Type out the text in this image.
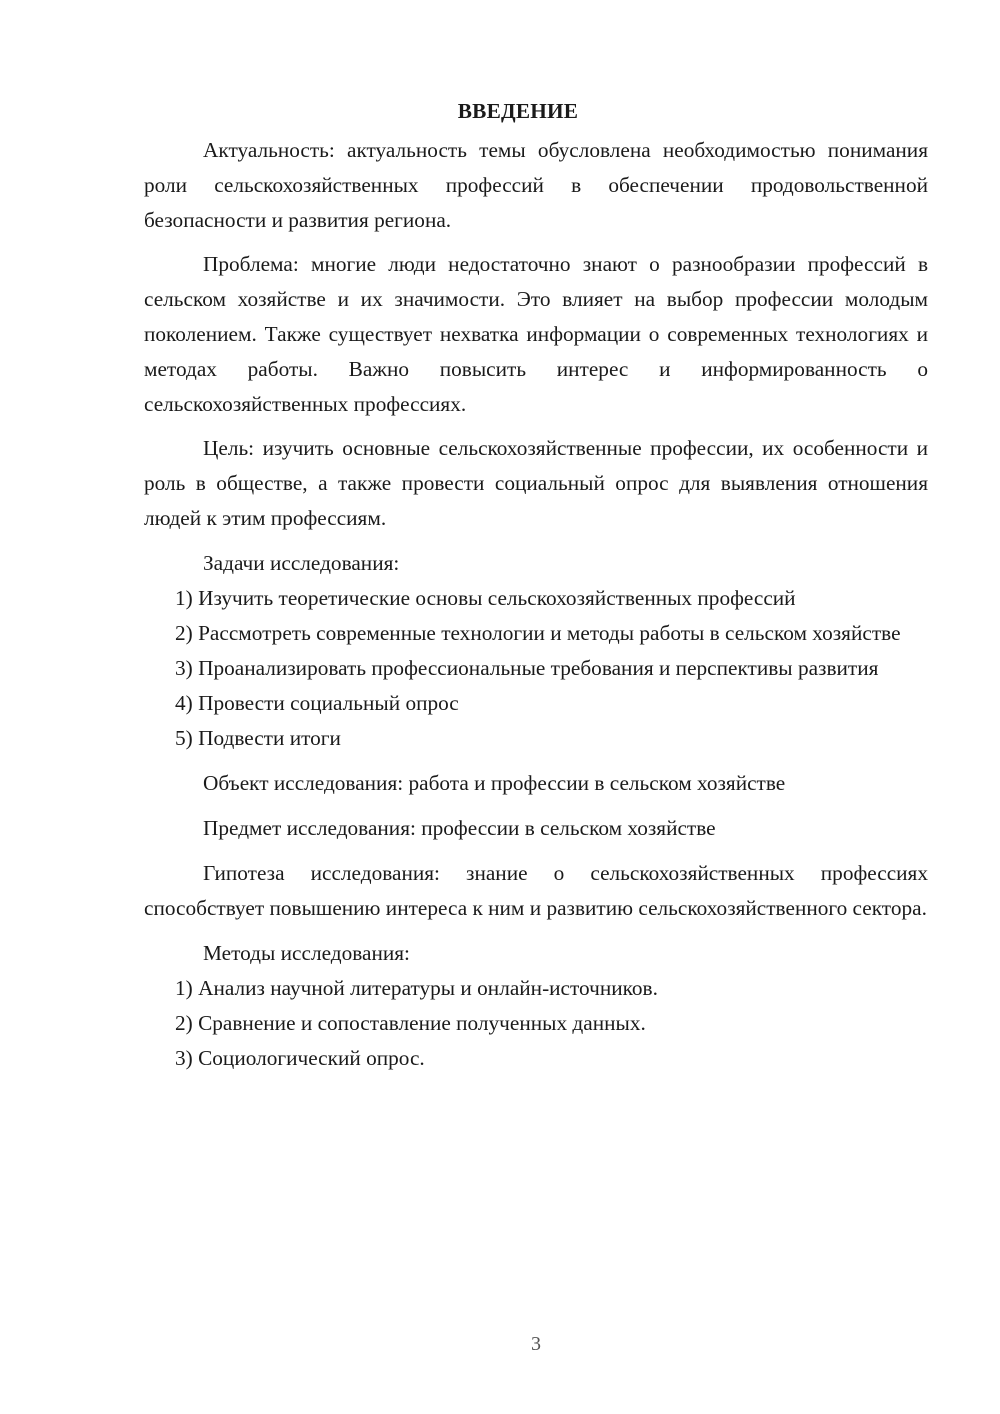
ВВЕДЕНИЕ

Актуальность: актуальность темы обусловлена необходимостью понимания роли сельскохозяйственных профессий в обеспечении продовольственной безопасности и развития региона.

Проблема: многие люди недостаточно знают о разнообразии профессий в сельском хозяйстве и их значимости. Это влияет на выбор профессии молодым поколением. Также существует нехватка информации о современных технологиях и методах работы. Важно повысить интерес и информированность о сельскохозяйственных профессиях.

Цель: изучить основные сельскохозяйственные профессии, их особенности и роль в обществе, а также провести социальный опрос для выявления отношения людей к этим профессиям.

Задачи исследования:

1) Изучить теоретические основы сельскохозяйственных профессий

2) Рассмотреть современные технологии и методы работы в сельском хозяйстве

3) Проанализировать профессиональные требования и перспективы развития

4) Провести социальный опрос

5) Подвести итоги

Объект исследования: работа и профессии в сельском хозяйстве

Предмет исследования: профессии в сельском хозяйстве

Гипотеза исследования: знание о сельскохозяйственных профессиях способствует повышению интереса к ним и развитию сельскохозяйственного сектора.

Методы исследования:

1) Анализ научной литературы и онлайн-источников.

2) Сравнение и сопоставление полученных данных.

3) Социологический опрос.

3
